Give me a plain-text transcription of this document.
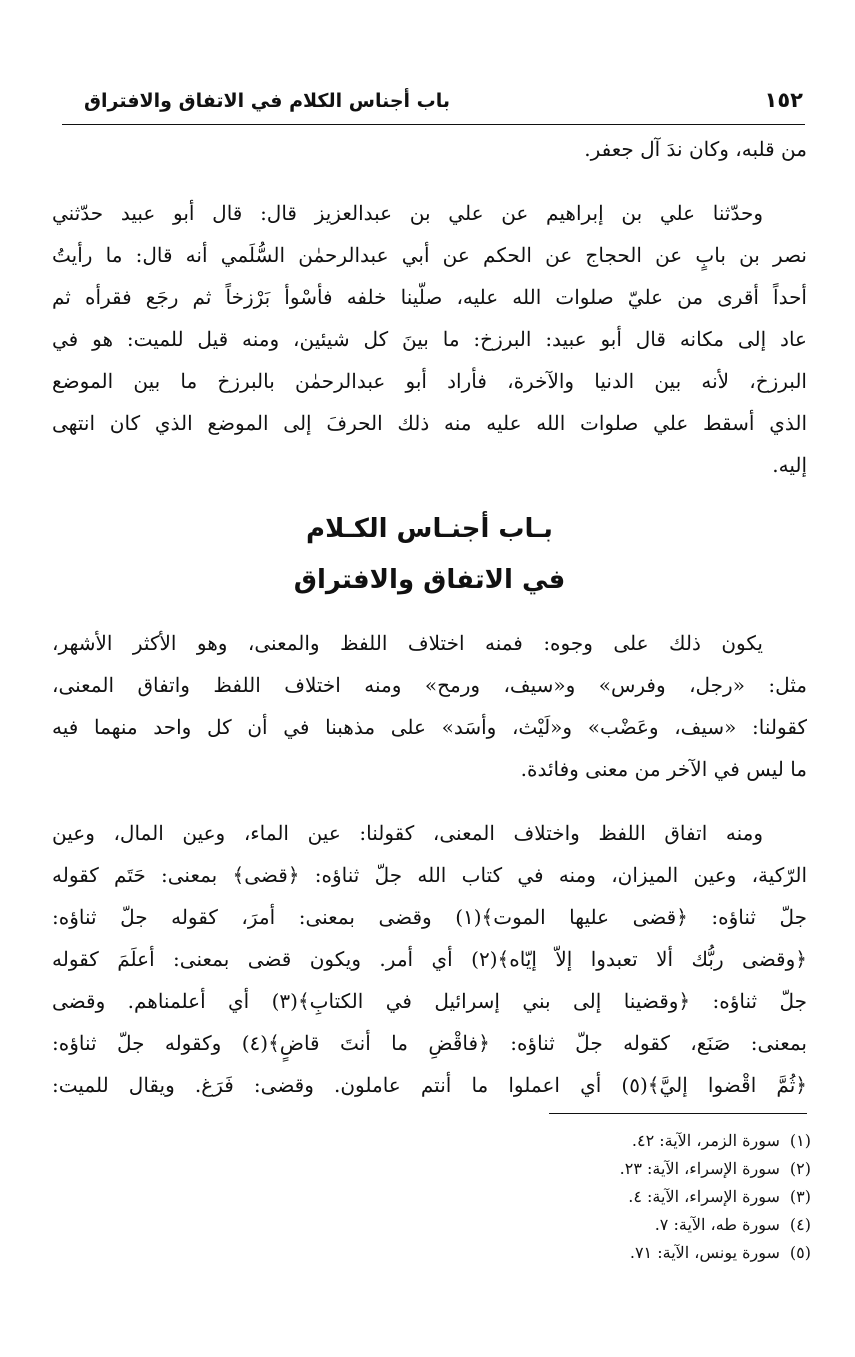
باب أجناس الكلام في الاتفاق والافتراق	١٥٢

من قلبه، وكان ندَ آل جعفر.

وحدّثنا علي بن إبراهيم عن علي بن عبدالعزيز قال: قال أبو عبيد حدّثني

نصر بن بابٍ عن الحجاج عن الحكم عن أبي عبدالرحمٰن السُّلَمي أنه قال: ما رأيتُ

أحداً أقرى من عليّ صلوات الله عليه، صلّينا خلفه فأسْوأ بَرْزخاً ثم رجَع فقرأه ثم

عاد إلى مكانه قال أبو عبيد: البرزخ: ما بينَ كل شيئين، ومنه قيل للميت: هو في

البرزخ، لأنه بين الدنيا والآخرة، فأراد أبو عبدالرحمٰن بالبرزخ ما بين الموضع

الذي أسقط علي صلوات الله عليه منه ذلك الحرفَ إلى الموضع الذي كان انتهى

إليه.

بـاب أجنـاس الكـلام
في الاتفاق والافتراق

يكون ذلك على وجوه: فمنه اختلاف اللفظ والمعنى، وهو الأكثر الأشهر،

مثل: «رجل، وفرس» و«سيف، ورمح» ومنه اختلاف اللفظ واتفاق المعنى،

كقولنا: «سيف، وعَضْب» و«لَيْث، وأسَد» على مذهبنا في أن كل واحد منهما فيه

ما ليس في الآخر من معنى وفائدة.

ومنه اتفاق اللفظ واختلاف المعنى، كقولنا: عين الماء، وعين المال، وعين

الرّكية، وعين الميزان، ومنه في كتاب الله جلّ ثناؤه: ﴿قضى﴾ بمعنى: حَتَم كقوله

جلّ ثناؤه: ﴿قضى عليها الموت﴾(١) وقضى بمعنى: أمرَ، كقوله جلّ ثناؤه:

﴿وقضى ربُّك ألا تعبدوا إلاّ إيّاه﴾(٢) أي أمر. ويكون قضى بمعنى: أعلَمَ كقوله

جلّ ثناؤه: ﴿وقضينا إلى بني إسرائيل في الكتابِ﴾(٣) أي أعلمناهم. وقضى

بمعنى: صَنَع، كقوله جلّ ثناؤه: ﴿فاقْضِ ما أنتَ قاضٍ﴾(٤) وكقوله جلّ ثناؤه:

﴿ثُمَّ اقْضوا إليَّ﴾(٥) أي اعملوا ما أنتم عاملون. وقضى: فَرَغ. ويقال للميت:

(١)سورة الزمر، الآية: ٤٢.

(٢)سورة الإسراء، الآية: ٢٣.

(٣)سورة الإسراء، الآية: ٤.

(٤)سورة طه، الآية: ٧.

(٥)سورة يونس، الآية: ٧١.
